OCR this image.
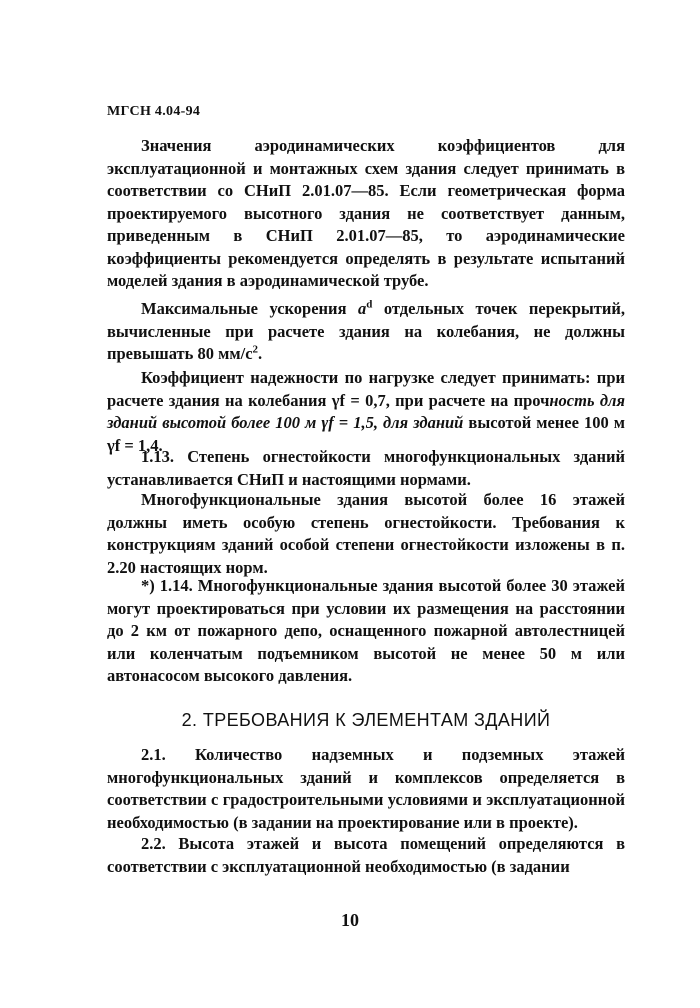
МГСН 4.04-94

Значения аэродинамических коэффициентов для эксплуатационной и монтажных схем здания следует принимать в соответствии со СНиП 2.01.07—85. Если геометрическая форма проектируемого высотного здания не соответствует данным, приведенным в СНиП 2.01.07—85, то аэродинамические коэффициенты рекомендуется определять в результате испытаний моделей здания в аэродинамической трубе.

Максимальные ускорения $a^d$ отдельных точек перекрытий, вычисленные при расчете здания на колебания, не должны превышать 80 $мм/с^2$.

Коэффициент надежности по нагрузке следует принимать: при расчете здания на колебания γf = 0,7, при расчете на прочность для зданий высотой более 100 м γf = 1,5, для зданий высотой менее 100 м γf = 1,4.

1.13. Степень огнестойкости многофункциональных зданий устанавливается СНиП и настоящими нормами.

Многофункциональные здания высотой более 16 этажей должны иметь особую степень огнестойкости. Требования к конструкциям зданий особой степени огнестойкости изложены в п. 2.20 настоящих норм.

*) 1.14. Многофункциональные здания высотой более 30 этажей могут проектироваться при условии их размещения на расстоянии до 2 км от пожарного депо, оснащенного пожарной автолестницей или коленчатым подъемником высотой не менее 50 м или автонасосом высокого давления.

2. ТРЕБОВАНИЯ К ЭЛЕМЕНТАМ ЗДАНИЙ

2.1. Количество надземных и подземных этажей многофункциональных зданий и комплексов определяется в соответствии с градостроительными условиями и эксплуатационной необходимостью (в задании на проектирование или в проекте).

2.2. Высота этажей и высота помещений определяются в соответствии с эксплуатационной необходимостью (в задании

10
